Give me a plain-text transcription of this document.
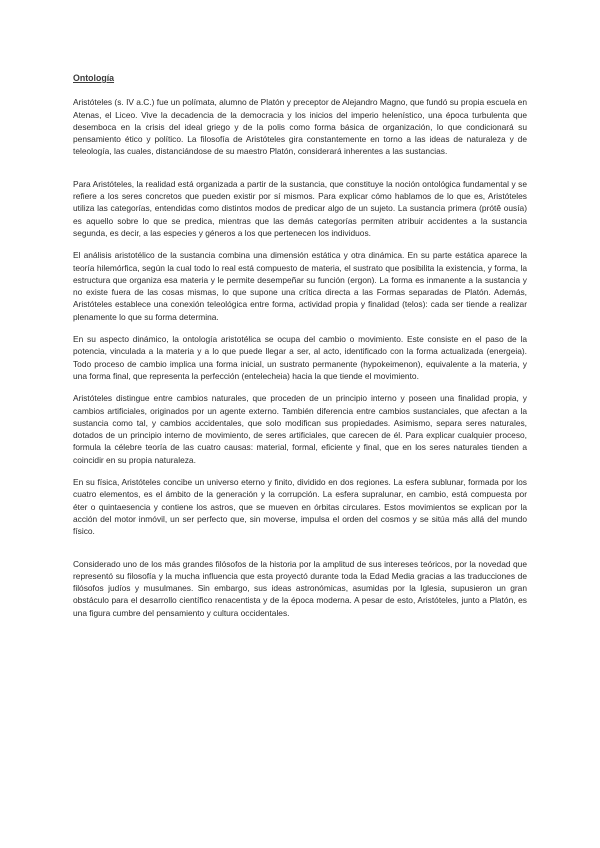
Ontología

Aristóteles (s. IV a.C.) fue un polímata, alumno de Platón y preceptor de Alejandro Magno, que fundó su propia escuela en Atenas, el Liceo. Vive la decadencia de la democracia y los inicios del imperio helenístico, una época turbulenta que desemboca en la crisis del ideal griego y de la polis como forma básica de organización, lo que condicionará su pensamiento ético y político. La filosofía de Aristóteles gira constantemente en torno a las ideas de naturaleza y de teleología, las cuales, distanciándose de su maestro Platón, considerará inherentes a las sustancias.

Para Aristóteles, la realidad está organizada a partir de la sustancia, que constituye la noción ontológica fundamental y se refiere a los seres concretos que pueden existir por sí mismos. Para explicar cómo hablamos de lo que es, Aristóteles utiliza las categorías, entendidas como distintos modos de predicar algo de un sujeto. La sustancia primera (prótê ousía) es aquello sobre lo que se predica, mientras que las demás categorías permiten atribuir accidentes a la sustancia segunda, es decir, a las especies y géneros a los que pertenecen los individuos.

El análisis aristotélico de la sustancia combina una dimensión estática y otra dinámica. En su parte estática aparece la teoría hilemórfica, según la cual todo lo real está compuesto de materia, el sustrato que posibilita la existencia, y forma, la estructura que organiza esa materia y le permite desempeñar su función (ergon). La forma es inmanente a la sustancia y no existe fuera de las cosas mismas, lo que supone una crítica directa a las Formas separadas de Platón. Además, Aristóteles establece una conexión teleológica entre forma, actividad propia y finalidad (telos): cada ser tiende a realizar plenamente lo que su forma determina.

En su aspecto dinámico, la ontología aristotélica se ocupa del cambio o movimiento. Este consiste en el paso de la potencia, vinculada a la materia y a lo que puede llegar a ser, al acto, identificado con la forma actualizada (energeia). Todo proceso de cambio implica una forma inicial, un sustrato permanente (hypokeimenon), equivalente a la materia, y una forma final, que representa la perfección (entelecheia) hacia la que tiende el movimiento.

Aristóteles distingue entre cambios naturales, que proceden de un principio interno y poseen una finalidad propia, y cambios artificiales, originados por un agente externo. También diferencia entre cambios sustanciales, que afectan a la sustancia como tal, y cambios accidentales, que solo modifican sus propiedades. Asimismo, separa seres naturales, dotados de un principio interno de movimiento, de seres artificiales, que carecen de él. Para explicar cualquier proceso, formula la célebre teoría de las cuatro causas: material, formal, eficiente y final, que en los seres naturales tienden a coincidir en su propia naturaleza.

En su física, Aristóteles concibe un universo eterno y finito, dividido en dos regiones. La esfera sublunar, formada por los cuatro elementos, es el ámbito de la generación y la corrupción. La esfera supralunar, en cambio, está compuesta por éter o quintaesencia y contiene los astros, que se mueven en órbitas circulares. Estos movimientos se explican por la acción del motor inmóvil, un ser perfecto que, sin moverse, impulsa el orden del cosmos y se sitúa más allá del mundo físico.

Considerado uno de los más grandes filósofos de la historia por la amplitud de sus intereses teóricos, por la novedad que representó su filosofía y la mucha influencia que esta proyectó durante toda la Edad Media gracias a las traducciones de filósofos judíos y musulmanes. Sin embargo, sus ideas astronómicas, asumidas por la Iglesia, supusieron un gran obstáculo para el desarrollo científico renacentista y de la época moderna. A pesar de esto, Aristóteles, junto a Platón, es una figura cumbre del pensamiento y cultura occidentales.
